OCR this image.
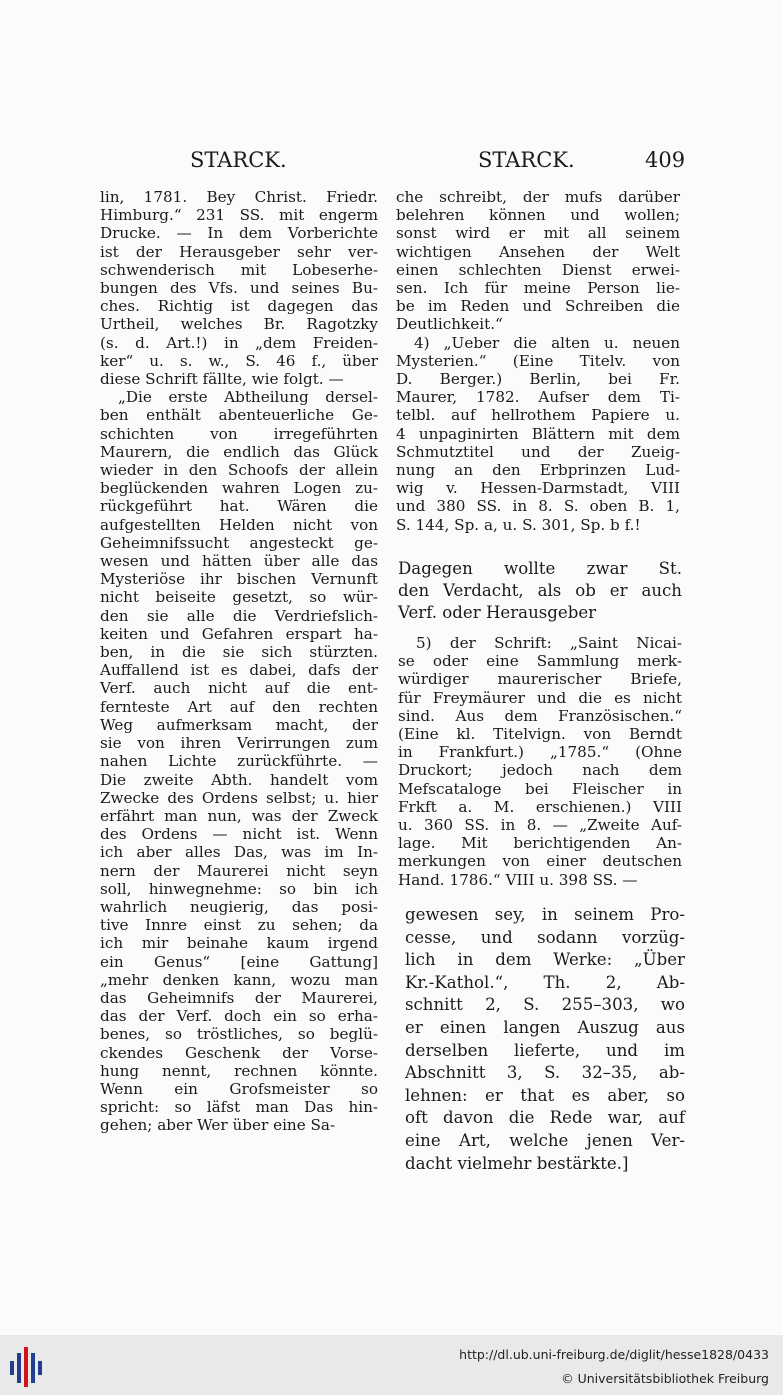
STARCK.	STARCK.	409
lin, 1781. Bey Christ. Friedr.
Himburg.“ 231 SS. mit engerm
Drucke. — In dem Vorberichte
ist der Herausgeber sehr ver-
schwenderisch mit Lobeserhe-
bungen des Vfs. und seines Bu-
ches. Richtig ist dagegen das
Urtheil, welches Br. Ragotzky
(s. d. Art.!) in „dem Freiden-
ker“ u. s. w., S. 46 f., über
diese Schrift fällte, wie folgt. —
„Die erste Abtheilung dersel-
ben enthält abenteuerliche Ge-
schichten von irregeführten
Maurern, die endlich das Glück
wieder in den Schoofs der allein
beglückenden wahren Logen zu-
rückgeführt hat. Wären die
aufgestellten Helden nicht von
Geheimnifssucht angesteckt ge-
wesen und hätten über alle das
Mysteriöse ihr bischen Vernunft
nicht beiseite gesetzt, so wür-
den sie alle die Verdriefslich-
keiten und Gefahren erspart ha-
ben, in die sie sich stürzten.
Auffallend ist es dabei, dafs der
Verf. auch nicht auf die ent-
fernteste Art auf den rechten
Weg aufmerksam macht, der
sie von ihren Verirrungen zum
nahen Lichte zurückführte. —
Die zweite Abth. handelt vom
Zwecke des Ordens selbst; u. hier
erfährt man nun, was der Zweck
des Ordens — nicht ist. Wenn
ich aber alles Das, was im In-
nern der Maurerei nicht seyn
soll, hinwegnehme: so bin ich
wahrlich neugierig, das posi-
tive Innre einst zu sehen; da
ich mir beinahe kaum irgend
ein Genus“ [eine Gattung]
„mehr denken kann, wozu man
das Geheimnifs der Maurerei,
das der Verf. doch ein so erha-
benes, so tröstliches, so beglü-
ckendes Geschenk der Vorse-
hung nennt, rechnen könnte.
Wenn ein Grofsmeister so
spricht: so läfst man Das hin-
gehen; aber Wer über eine Sa-
che schreibt, der mufs darüber
belehren können und wollen;
sonst wird er mit all seinem
wichtigen Ansehen der Welt
einen schlechten Dienst erwei-
sen. Ich für meine Person lie-
be im Reden und Schreiben die
Deutlichkeit.“
4) „Ueber die alten u. neuen
Mysterien.“ (Eine Titelv. von
D. Berger.) Berlin, bei Fr.
Maurer, 1782. Aufser dem Ti-
telbl. auf hellrothem Papiere u.
4 unpaginirten Blättern mit dem
Schmutztitel und der Zueig-
nung an den Erbprinzen Lud-
wig v. Hessen-Darmstadt, VIII
und 380 SS. in 8. S. oben B. 1,
S. 144, Sp. a, u. S. 301, Sp. b f.!
Dagegen wollte zwar St.
den Verdacht, als ob er auch
Verf. oder Herausgeber
5) der Schrift: „Saint Nicai-
se oder eine Sammlung merk-
würdiger maurerischer Briefe,
für Freymäurer und die es nicht
sind. Aus dem Französischen.“
(Eine kl. Titelvign. von Berndt
in Frankfurt.) „1785.“ (Ohne
Druckort; jedoch nach dem
Mefscataloge bei Fleischer in
Frkft a. M. erschienen.) VIII
u. 360 SS. in 8. — „Zweite Auf-
lage. Mit berichtigenden An-
merkungen von einer deutschen
Hand. 1786.“ VIII u. 398 SS. —
gewesen sey, in seinem Pro-
cesse, und sodann vorzüg-
lich in dem Werke: „Über
Kr.-Kathol.“, Th. 2, Ab-
schnitt 2, S. 255–303, wo
er einen langen Auszug aus
derselben lieferte, und im
Abschnitt 3, S. 32–35, ab-
lehnen: er that es aber, so
oft davon die Rede war, auf
eine Art, welche jenen Ver-
dacht vielmehr bestärkte.]
http://dl.ub.uni-freiburg.de/diglit/hesse1828/0433
© Universitätsbibliothek Freiburg
